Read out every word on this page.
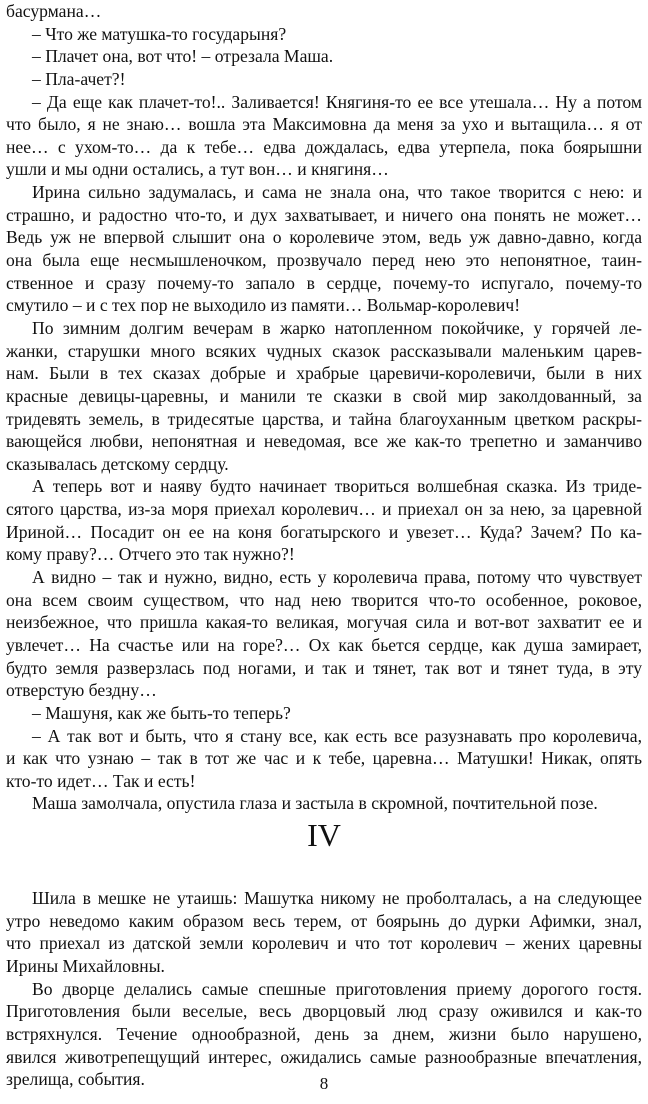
басурмана…
– Что же матушка-то государыня?
– Плачет она, вот что! – отрезала Маша.
– Пла-ачет?!
– Да еще как плачет-то!.. Заливается! Княгиня-то ее все утешала… Ну а потом
что было, я не знаю… вошла эта Максимовна да меня за ухо и вытащила… я от
нее… с ухом-то… да к тебе… едва дождалась, едва утерпела, пока боярышни
ушли и мы одни остались, а тут вон… и княгиня…
Ирина сильно задумалась, и сама не знала она, что такое творится с нею: и
страшно, и радостно что-то, и дух захватывает, и ничего она понять не может…
Ведь уж не впервой слышит она о королевиче этом, ведь уж давно-давно, когда
она была еще несмышленочком, прозвучало перед нею это непонятное, таин-
ственное и сразу почему-то запало в сердце, почему-то испугало, почему-то
смутило – и с тех пор не выходило из памяти… Вольмар-королевич!
По зимним долгим вечерам в жарко натопленном покойчике, у горячей ле-
жанки, старушки много всяких чудных сказок рассказывали маленьким царев-
нам. Были в тех сказах добрые и храбрые царевичи-королевичи, были в них
красные девицы-царевны, и манили те сказки в свой мир заколдованный, за
тридевять земель, в тридесятые царства, и тайна благоуханным цветком раскры-
вающейся любви, непонятная и неведомая, все же как-то трепетно и заманчиво
сказывалась детскому сердцу.
А теперь вот и наяву будто начинает твориться волшебная сказка. Из триде-
сятого царства, из-за моря приехал королевич… и приехал он за нею, за царевной
Ириной… Посадит он ее на коня богатырского и увезет… Куда? Зачем? По ка-
кому праву?… Отчего это так нужно?!
А видно – так и нужно, видно, есть у королевича права, потому что чувствует
она всем своим существом, что над нею творится что-то особенное, роковое,
неизбежное, что пришла какая-то великая, могучая сила и вот-вот захватит ее и
увлечет… На счастье или на горе?… Ох как бьется сердце, как душа замирает,
будто земля разверзлась под ногами, и так и тянет, так вот и тянет туда, в эту
отверстую бездну…
– Машуня, как же быть-то теперь?
– А так вот и быть, что я стану все, как есть все разузнавать про королевича,
и как что узнаю – так в тот же час и к тебе, царевна… Матушки! Никак, опять
кто-то идет… Так и есть!
Маша замолчала, опустила глаза и застыла в скромной, почтительной позе.
IV
Шила в мешке не утаишь: Машутка никому не проболталась, а на следующее
утро неведомо каким образом весь терем, от боярынь до дурки Афимки, знал,
что приехал из датской земли королевич и что тот королевич – жених царевны
Ирины Михайловны.
Во дворце делались самые спешные приготовления приему дорогого гостя.
Приготовления были веселые, весь дворцовый люд сразу оживился и как-то
встряхнулся. Течение однообразной, день за днем, жизни было нарушено,
явился животрепещущий интерес, ожидались самые разнообразные впечатления,
зрелища, события.	8
